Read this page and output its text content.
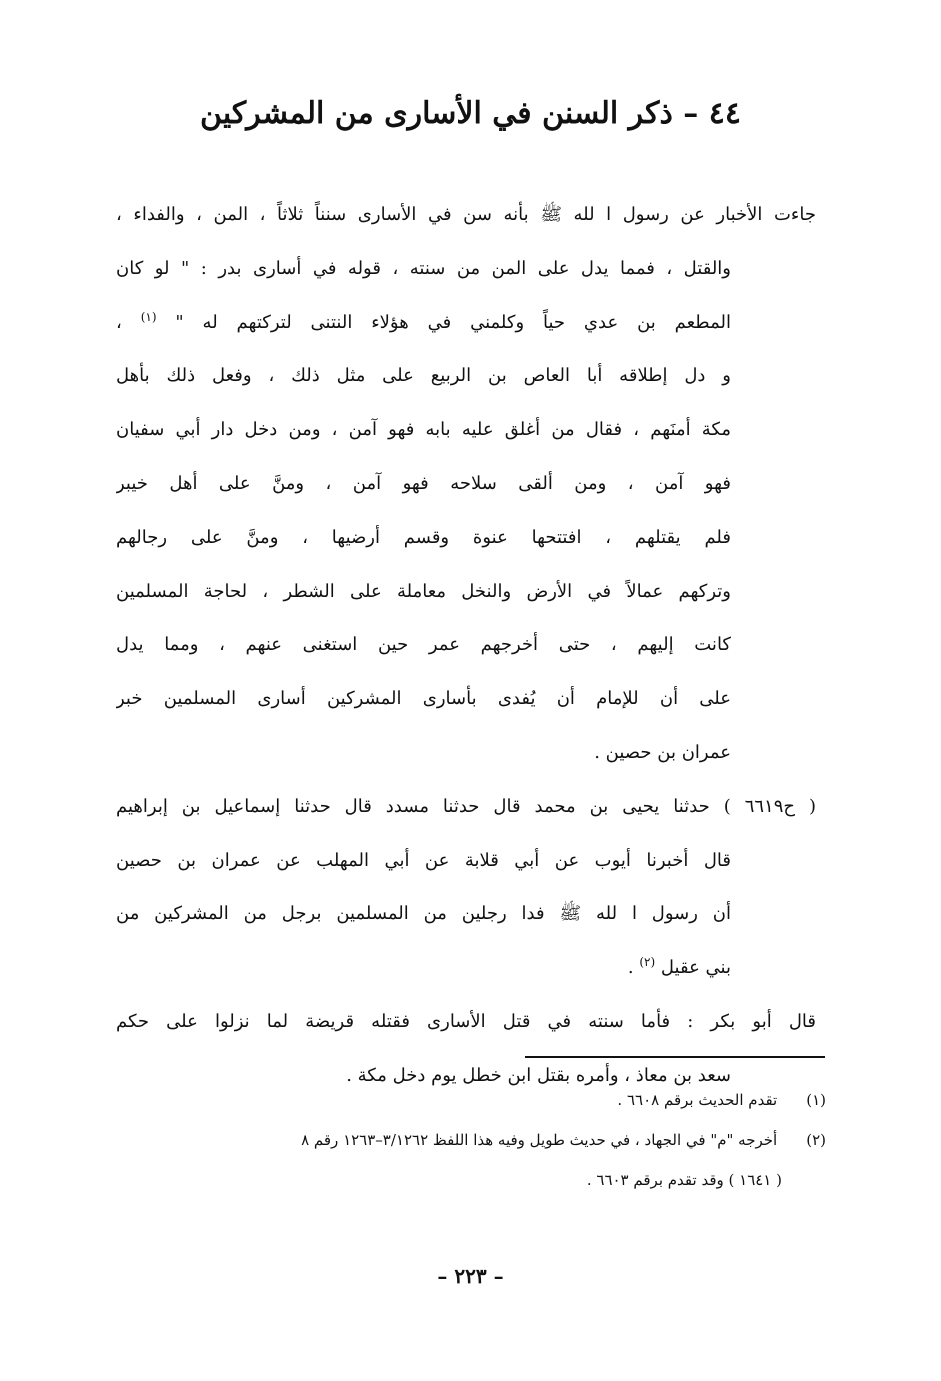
٤٤ – ذكر السنن في الأسارى من المشركين
جاءت الأخبار عن رسول ا لله ﷺ بأنه سن في الأسارى سنناً ثلاثاً ، المن ، والفداء ،
والقتل ، فمما يدل على المن من سنته ، قوله في أسارى بدر : " لو كان
المطعم بن عدي حياً وكلمني في هؤلاء النتنى لتركتهم له " $^{(١)}$ ،
و دل إطلاقه أبا العاص بن الربيع على مثل ذلك ، وفعل ذلك بأهل
مكة أمنَهم ، فقال من أغلق عليه بابه فهو آمن ، ومن دخل دار أبي سفيان
فهو آمن ، ومن ألقى سلاحه فهو آمن ، ومنَّ على أهل خيبر
فلم يقتلهم ، افتتحها عنوة وقسم أرضيها ، ومنَّ على رجالهم
وتركهم عمالاً في الأرض والنخل معاملة على الشطر ، لحاجة المسلمين
كانت إليهم ، حتى أخرجهم عمر حين استغنى عنهم ، ومما يدل
على أن للإمام أن يُفدى بأسارى المشركين أسارى المسلمين خبر
عمران بن حصين .
( ح٦٦١٩ ) حدثنا يحيى بن محمد قال حدثنا مسدد قال حدثنا إسماعيل بن إبراهيم
قال أخبرنا أيوب عن أبي قلابة عن أبي المهلب عن عمران بن حصين
أن رسول ا لله ﷺ فدا رجلين من المسلمين برجل من المشركين من
بني عقيل $^{(٢)}$ .
قال أبو بكر : فأما سنته في قتل الأسارى فقتله قريضة لما نزلوا على حكم
سعد بن معاذ ، وأمره بقتل ابن خطل يوم دخل مكة .
(١) تقدم الحديث برقم ٦٦٠٨ .
(٢) أخرجه "م" في الجهاد ، في حديث طويل وفيه هذا اللفظ ٣/١٢٦٢–١٢٦٣ رقم ٨
( ١٦٤١ ) وقد تقدم برقم ٦٦٠٣ .
– ٢٢٣ –
